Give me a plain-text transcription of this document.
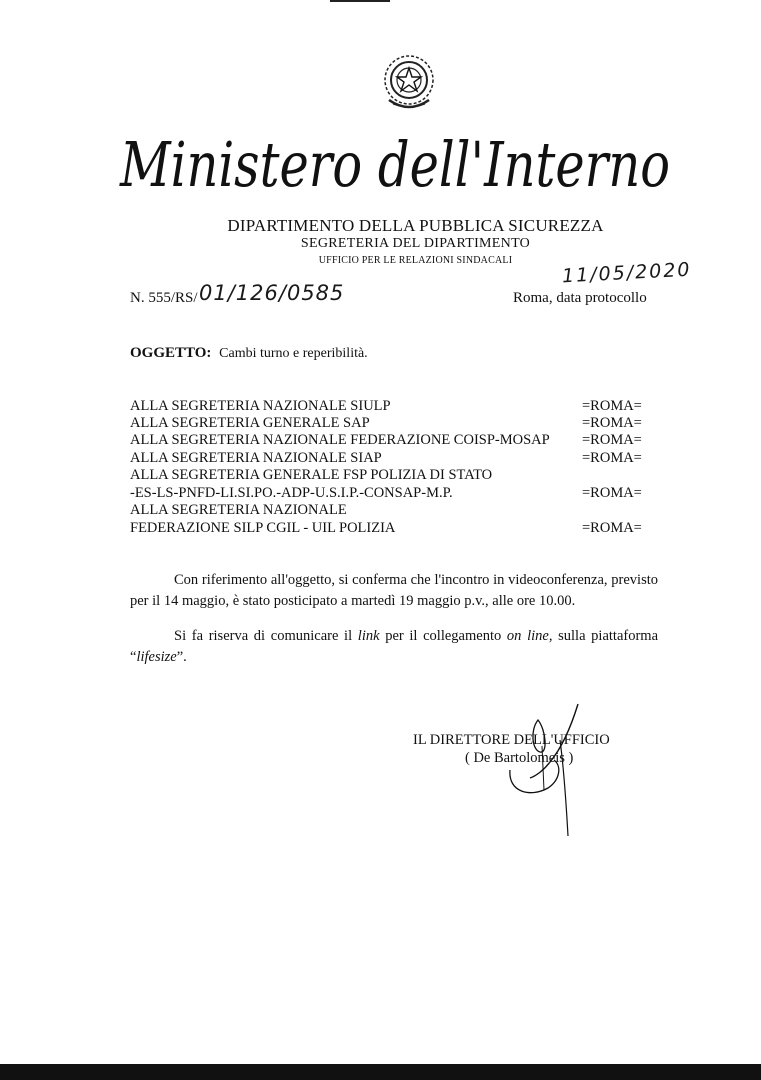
Ministero dell'Interno
DIPARTIMENTO DELLA PUBBLICA SICUREZZA
SEGRETERIA DEL DIPARTIMENTO
UFFICIO PER LE RELAZIONI SINDACALI	11/05/2020
N. 555/RS/ 01/126/0585	Roma, data protocollo
OGGETTO: Cambi turno e reperibilità.
ALLA SEGRETERIA NAZIONALE SIULP	=ROMA=
ALLA SEGRETERIA GENERALE SAP	=ROMA=
ALLA SEGRETERIA NAZIONALE FEDERAZIONE COISP-MOSAP =ROMA=
ALLA SEGRETERIA NAZIONALE SIAP	=ROMA=
ALLA SEGRETERIA GENERALE FSP POLIZIA DI STATO
-ES-LS-PNFD-LI.SI.PO.-ADP-U.S.I.P.-CONSAP-M.P.	=ROMA=
ALLA SEGRETERIA NAZIONALE
FEDERAZIONE SILP CGIL - UIL POLIZIA	=ROMA=
Con riferimento all'oggetto, si conferma che l'incontro in videoconferenza, previsto per il 14 maggio, è stato posticipato a martedì 19 maggio p.v., alle ore 10.00.
Si fa riserva di comunicare il link per il collegamento on line, sulla piattaforma “lifesize”.
IL DIRETTORE DELL'UFFICIO
( De Bartolomeis )
